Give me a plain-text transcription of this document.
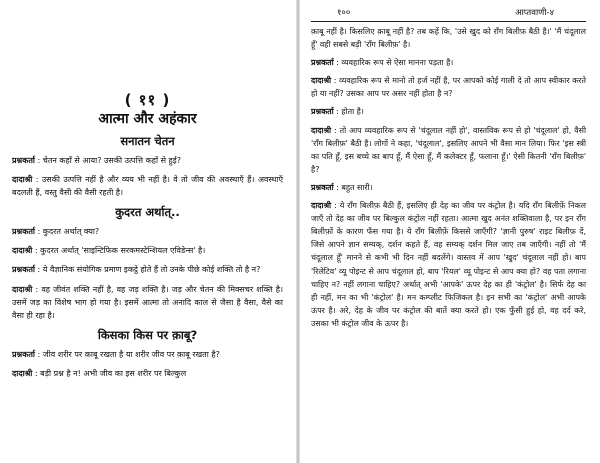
( ११ )
आत्मा और अहंकार
सनातन चेतन

प्रश्नकर्ता : चेतन कहाँ से आया? उसकी उत्पत्ति कहाँ से हुई?

दादाश्री : उसकी उत्पत्ति नहीं है और व्यय भी नहीं है। वे तो जीव की अवस्थाएँ हैं। अवस्थाएँ बदलती हैं, वस्तु वैसी की वैसी रहती है।

कुदरत अर्थात्..

प्रश्नकर्ता : कुदरत अर्थात् क्या?

दादाश्री : कुदरत अर्थात् 'साइन्टिफिक सरकमस्टेन्शियल एविडेन्स' है।

प्रश्नकर्ता : ये वैज्ञानिक संयोगिक प्रमाण इकट्ठे होते हैं तो उनके पीछे कोई शक्ति तो है न?

दादाश्री : वह जीवंत शक्ति नहीं है, वह जड़ शक्ति है। जड़ और चेतन की मिक्सचर शक्ति है। उसमें जड़ का विशेष भाग हो गया है। इसमें आत्मा तो अनादि काल से जैसा है वैसा, वैसे का वैसा ही रहा है।

किसका किस पर क़ाबू?

प्रश्नकर्ता : जीव शरीर पर क़ाबू रखता है या शरीर जीव पर क़ाबू रखता है?

दादाश्री : बड़ी प्रश्न है न! अभी जीव का इस शरीर पर बिल्कुल

१००	आप्तवाणी-४

क़ाबू नहीं है। किसलिए क़ाबू नहीं है? तब कहें कि, 'उसे खुद को रॉंग बिलीफ़ बैठी है।' 'मैं चंदूलाल हूँ' वही सबसे बड़ी 'रॉंग बिलीफ़' है।

प्रश्नकर्ता : व्यवहारिक रूप से ऐसा मानना पड़ता है।

दादाश्री : व्यवहारिक रूप से मानो तो हर्ज नहीं है, पर आपको कोई गाली दे तो आप स्वीकार करते हो या नहीं? उसका आप पर असर नहीं होता है न?

प्रश्नकर्ता : होता है।

दादाश्री : तो आप व्यवहारिक रूप से 'चंदूलाल नहीं हो', वास्तविक रूप से हो 'चंदूलाल' हो, वैसी 'रॉंग बिलीफ़' बैठी है। लोगों ने कहा, 'चंदूलाल', इसलिए आपने भी वैसा मान लिया। फिर 'इस स्त्री का पति हूँ, इस बच्चे का बाप हूँ, मैं ऐसा हूँ, मैं कलेक्टर हूँ, फलाना हूँ।' ऐसी कितनी 'रॉंग बिलीफ़' है?

प्रश्नकर्ता : बहुत सारी।

दादाश्री : ये रॉंग बिलीफ़ बैठी हैं, इसलिए ही देह का जीव पर कंट्रोल है। यदि रॉंग बिलीफ़ें निकल जाएँ तो देह का जीव पर बिल्कुल कंट्रोल नहीं रहता। आत्मा खुद अनंत शक्तिवाला है, पर इन रॉंग बिलीफ़ों के कारण फँस गया है। ये रॉंग बिलीफ़ें किससे जाएँगी? 'ज्ञानी पुरुष' राइट बिलीफ़ दें, जिसे आपने ज्ञान सम्यक्, दर्शन कहते हैं, वह सम्यक् दर्शन मिल जाए तब जाएँगी। नहीं तो 'मैं चंदूलाल हूँ' मानने से कभी भी दिन नहीं बदलेंगे। वास्तव में आप 'खुद' चंदूलाल नहीं हो। बाप 'रिलेटिव' व्यू पोइन्ट से आप चंदूलाल हो, बाप 'रियल' व्यू पोइन्ट से आप क्या हो? वह पता लगाना चाहिए न? नहीं लगाना चाहिए? अर्थात् अभी 'आपके' ऊपर देह का ही 'कंट्रोल' है। सिर्फ देह का ही नहीं, मन का भी 'कंट्रोल' है। मन कम्प्लीट फिजिकल है। इन सभी का 'कंट्रोल' अभी आपके ऊपर है। अरे, देह के जीव पर कंट्रोल की बातें क्या करते हो। एक फुँसी हुई हो, वह दर्द करे, उसका भी कंट्रोल जीव के ऊपर है।
